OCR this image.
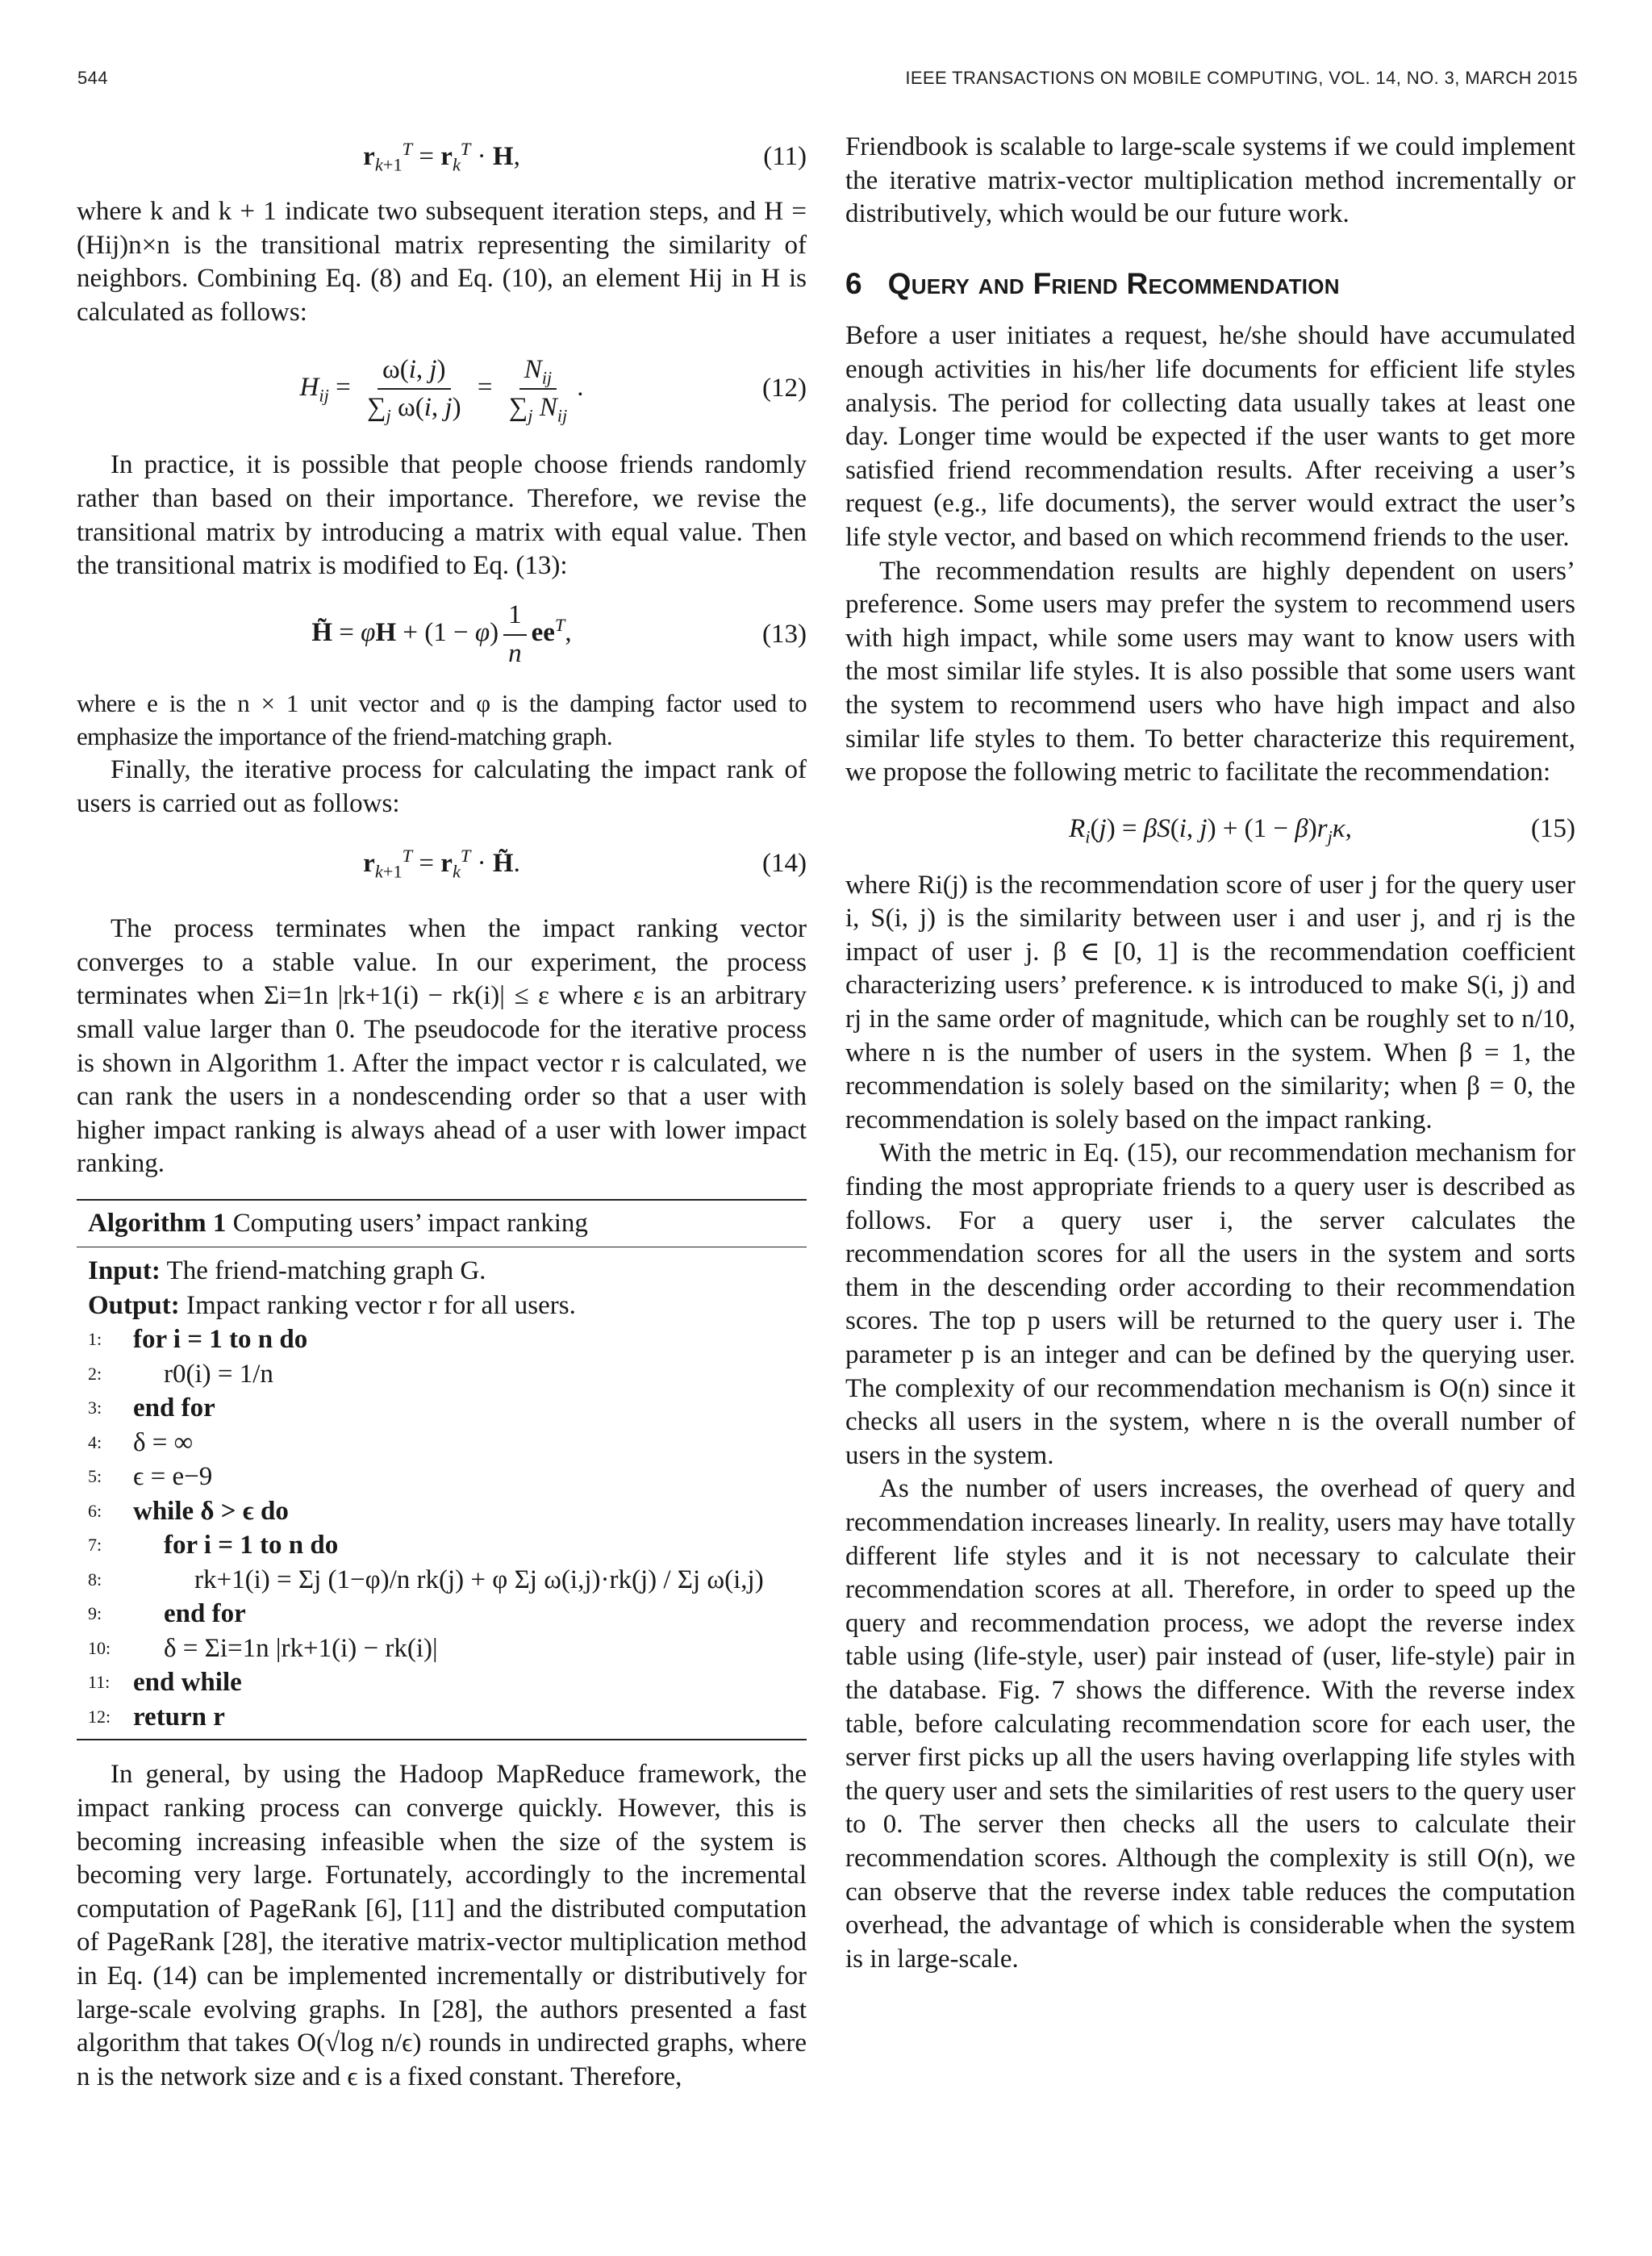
544	IEEE TRANSACTIONS ON MOBILE COMPUTING, VOL. 14, NO. 3, MARCH 2015
$r_{k+1}^T = r_k^T \cdot H$,	(11)

where k and k + 1 indicate two subsequent iteration steps, and H = (Hij)n×n is the transitional matrix representing the similarity of neighbors. Combining Eq. (8) and Eq. (10), an element Hij in H is calculated as follows:

$H_{ij} = \frac{\omega(i, j)}{\sum_j \omega(i, j)} = \frac{N_{ij}}{\sum_j N_{ij}}$ .	(12)

In practice, it is possible that people choose friends randomly rather than based on their importance. Therefore, we revise the transitional matrix by introducing a matrix with equal value. Then the transitional matrix is modified to Eq. (13):

H̃ = $\varphi H + (1 - \varphi) \frac{1}{n} ee^T$,	(13)

where e is the n × 1 unit vector and φ is the damping factor used to emphasize the importance of the friend-matching graph.

Finally, the iterative process for calculating the impact rank of users is carried out as follows:

$r_{k+1}^T = r_k^T$ · H̃.	(14)

The process terminates when the impact ranking vector converges to a stable value. In our experiment, the process terminates when Σi=1n |rk+1(i) − rk(i)| ≤ ε where ε is an arbitrary small value larger than 0. The pseudocode for the iterative process is shown in Algorithm 1. After the impact vector r is calculated, we can rank the users in a nondescending order so that a user with higher impact ranking is always ahead of a user with lower impact ranking.

Algorithm 1 Computing users’ impact ranking
Input: The friend-matching graph G.
Output: Impact ranking vector r for all users.
1:	for i = 1 to n do
2:	r0(i) = 1/n
3:	end for
4:	δ = ∞
5:	ϵ = e−9
6:	while δ > ϵ do
7:	for i = 1 to n do
8:	rk+1(i) = Σj (1−φ)/n rk(j) + φ Σj ω(i,j)·rk(j) / Σj ω(i,j)
9:	end for
10:	δ = Σi=1n |rk+1(i) − rk(i)|
11: end while
12: return r

In general, by using the Hadoop MapReduce framework, the impact ranking process can converge quickly. However, this is becoming increasing infeasible when the size of the system is becoming very large. Fortunately, accordingly to the incremental computation of PageRank [6], [11] and the distributed computation of PageRank [28], the iterative matrix-vector multiplication method in Eq. (14) can be implemented incrementally or distributively for large-scale evolving graphs. In [28], the authors presented a fast algorithm that takes O(√log n/ϵ) rounds in undirected graphs, where n is the network size and ϵ is a fixed constant. Therefore,

Friendbook is scalable to large-scale systems if we could implement the iterative matrix-vector multiplication method incrementally or distributively, which would be our future work.

6 Query and Friend Recommendation

Before a user initiates a request, he/she should have accumulated enough activities in his/her life documents for efficient life styles analysis. The period for collecting data usually takes at least one day. Longer time would be expected if the user wants to get more satisfied friend recommendation results. After receiving a user’s request (e.g., life documents), the server would extract the user’s life style vector, and based on which recommend friends to the user.

The recommendation results are highly dependent on users’ preference. Some users may prefer the system to recommend users with high impact, while some users may want to know users with the most similar life styles. It is also possible that some users want the system to recommend users who have high impact and also similar life styles to them. To better characterize this requirement, we propose the following metric to facilitate the recommendation:

$R_i(j) = \beta S(i$, $j) + (1 - \beta)r_j\kappa$,	(15)

where Ri(j) is the recommendation score of user j for the query user i, S(i, j) is the similarity between user i and user j, and rj is the impact of user j. β ∈ [0, 1] is the recommendation coefficient characterizing users’ preference. κ is introduced to make S(i, j) and rj in the same order of magnitude, which can be roughly set to n/10, where n is the number of users in the system. When β = 1, the recommendation is solely based on the similarity; when β = 0, the recommendation is solely based on the impact ranking.

With the metric in Eq. (15), our recommendation mechanism for finding the most appropriate friends to a query user is described as follows. For a query user i, the server calculates the recommendation scores for all the users in the system and sorts them in the descending order according to their recommendation scores. The top p users will be returned to the query user i. The parameter p is an integer and can be defined by the querying user. The complexity of our recommendation mechanism is O(n) since it checks all users in the system, where n is the overall number of users in the system.

As the number of users increases, the overhead of query and recommendation increases linearly. In reality, users may have totally different life styles and it is not necessary to calculate their recommendation scores at all. Therefore, in order to speed up the query and recommendation process, we adopt the reverse index table using (life-style, user) pair instead of (user, life-style) pair in the database. Fig. 7 shows the difference. With the reverse index table, before calculating recommendation score for each user, the server first picks up all the users having overlapping life styles with the query user and sets the similarities of rest users to the query user to 0. The server then checks all the users to calculate their recommendation scores. Although the complexity is still O(n), we can observe that the reverse index table reduces the computation overhead, the advantage of which is considerable when the system is in large-scale.
